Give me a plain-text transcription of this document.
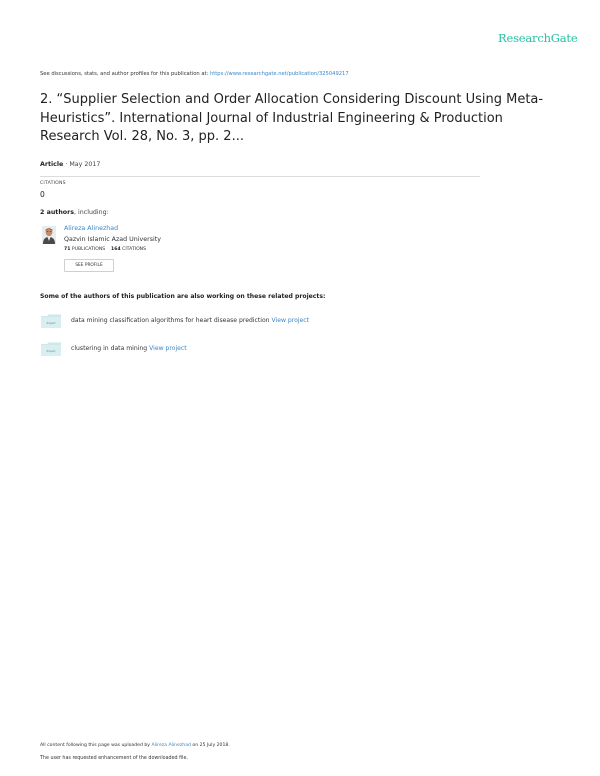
ResearchGate
See discussions, stats, and author profiles for this publication at: https://www.researchgate.net/publication/325049217
2. “Supplier Selection and Order Allocation Considering Discount Using Meta-Heuristics”. International Journal of Industrial Engineering & Production Research Vol. 28, No. 3, pp. 2...
Article · May 2017
CITATIONS
0
2 authors, including:
Alireza Alinezhad
Qazvin Islamic Azad University
71 PUBLICATIONS 164 CITATIONS
SEE PROFILE
Some of the authors of this publication are also working on these related projects:
Project	data mining classification algorithms for heart disease prediction View project
Project	clustering in data mining View project
All content following this page was uploaded by Alireza Alinezhad on 25 July 2018.
The user has requested enhancement of the downloaded file.
